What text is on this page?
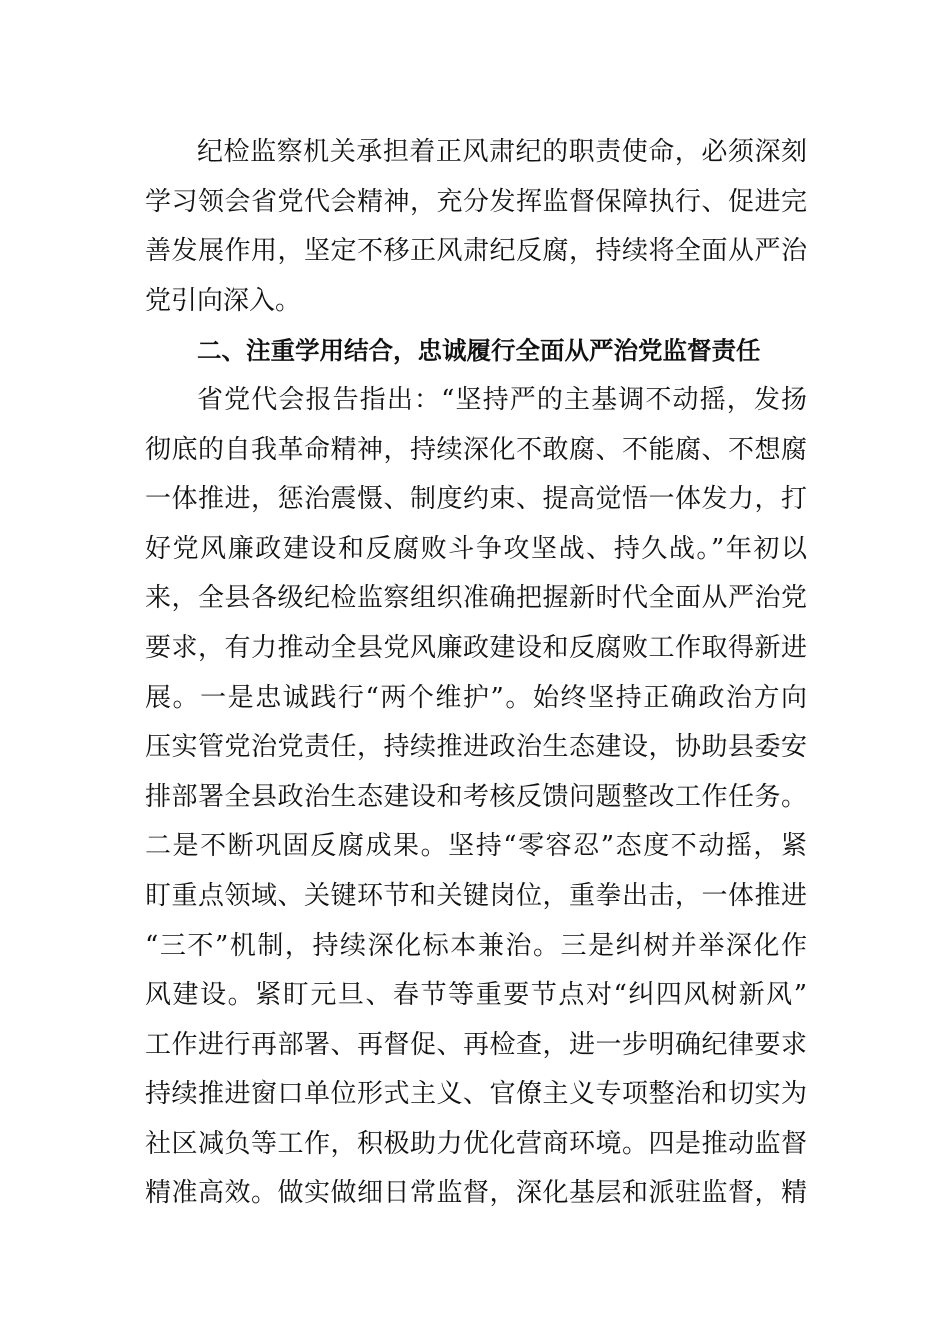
纪检监察机关承担着正风肃纪的职责使命，必须深刻
学习领会省党代会精神，充分发挥监督保障执行、促进完
善发展作用，坚定不移正风肃纪反腐，持续将全面从严治
党引向深入。
二、注重学用结合，忠诚履行全面从严治党监督责任
省党代会报告指出：“坚持严的主基调不动摇，发扬
彻底的自我革命精神，持续深化不敢腐、不能腐、不想腐
一体推进，惩治震慑、制度约束、提高觉悟一体发力，打
好党风廉政建设和反腐败斗争攻坚战、持久战。”年初以
来，全县各级纪检监察组织准确把握新时代全面从严治党
要求，有力推动全县党风廉政建设和反腐败工作取得新进
展。一是忠诚践行“两个维护”。始终坚持正确政治方向
压实管党治党责任，持续推进政治生态建设，协助县委安
排部署全县政治生态建设和考核反馈问题整改工作任务。
二是不断巩固反腐成果。坚持“零容忍”态度不动摇，紧
盯重点领域、关键环节和关键岗位，重拳出击，一体推进
“三不”机制，持续深化标本兼治。三是纠树并举深化作
风建设。紧盯元旦、春节等重要节点对“纠四风树新风”
工作进行再部署、再督促、再检查，进一步明确纪律要求
持续推进窗口单位形式主义、官僚主义专项整治和切实为
社区减负等工作，积极助力优化营商环境。四是推动监督
精准高效。做实做细日常监督，深化基层和派驻监督，精
